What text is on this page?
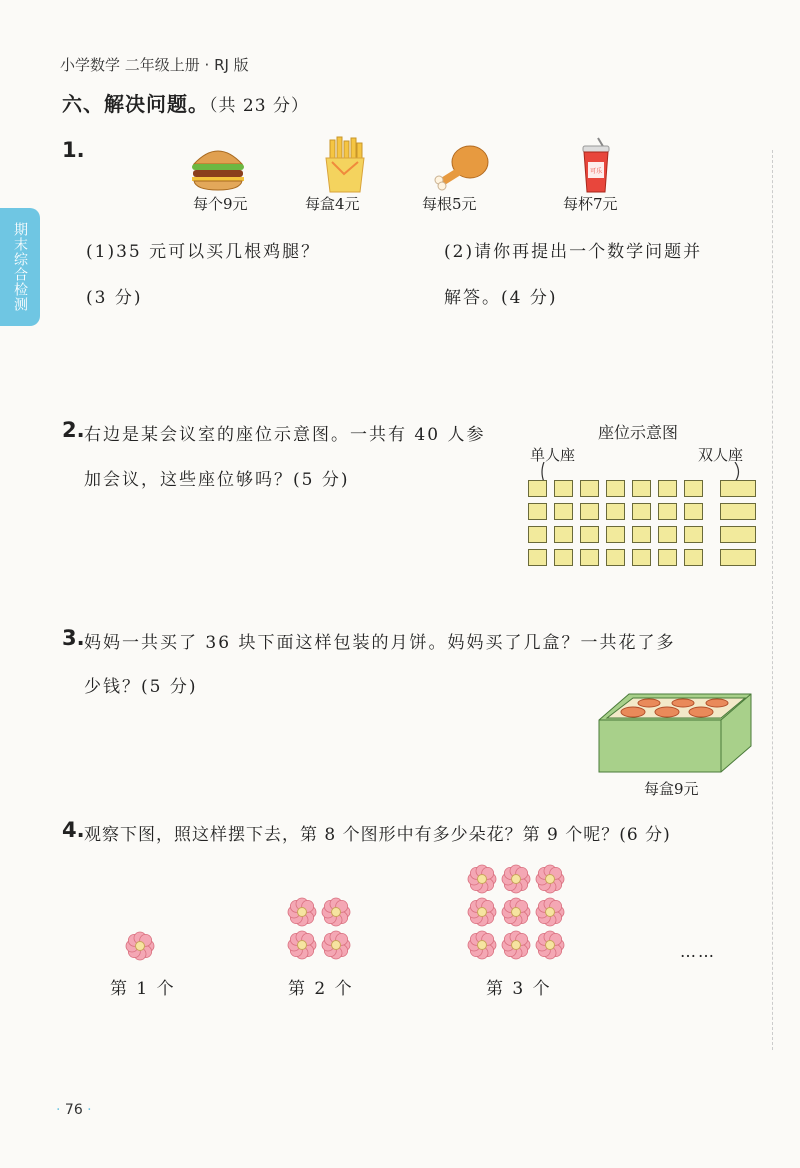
小学数学 二年级上册 · RJ 版
期末综合检测
六、解决问题。（共 23 分）
1.
每个9元	每盒4元	每根5元
可乐
每杯7元
(1)35 元可以买几根鸡腿？
(3 分)
(2)请你再提出一个数学问题并
解答。(4 分)
2. 右边是某会议室的座位示意图。一共有 40 人参
加会议，这些座位够吗？(5 分)
座位示意图
单人座	双人座
3. 妈妈一共买了 36 块下面这样包装的月饼。妈妈买了几盒？一共花了多
少钱？(5 分)
每盒9元
4. 观察下图，照这样摆下去，第 8 个图形中有多少朵花？第 9 个呢？(6 分)
第 1 个	第 2 个	第 3 个
……
· 76 ·
